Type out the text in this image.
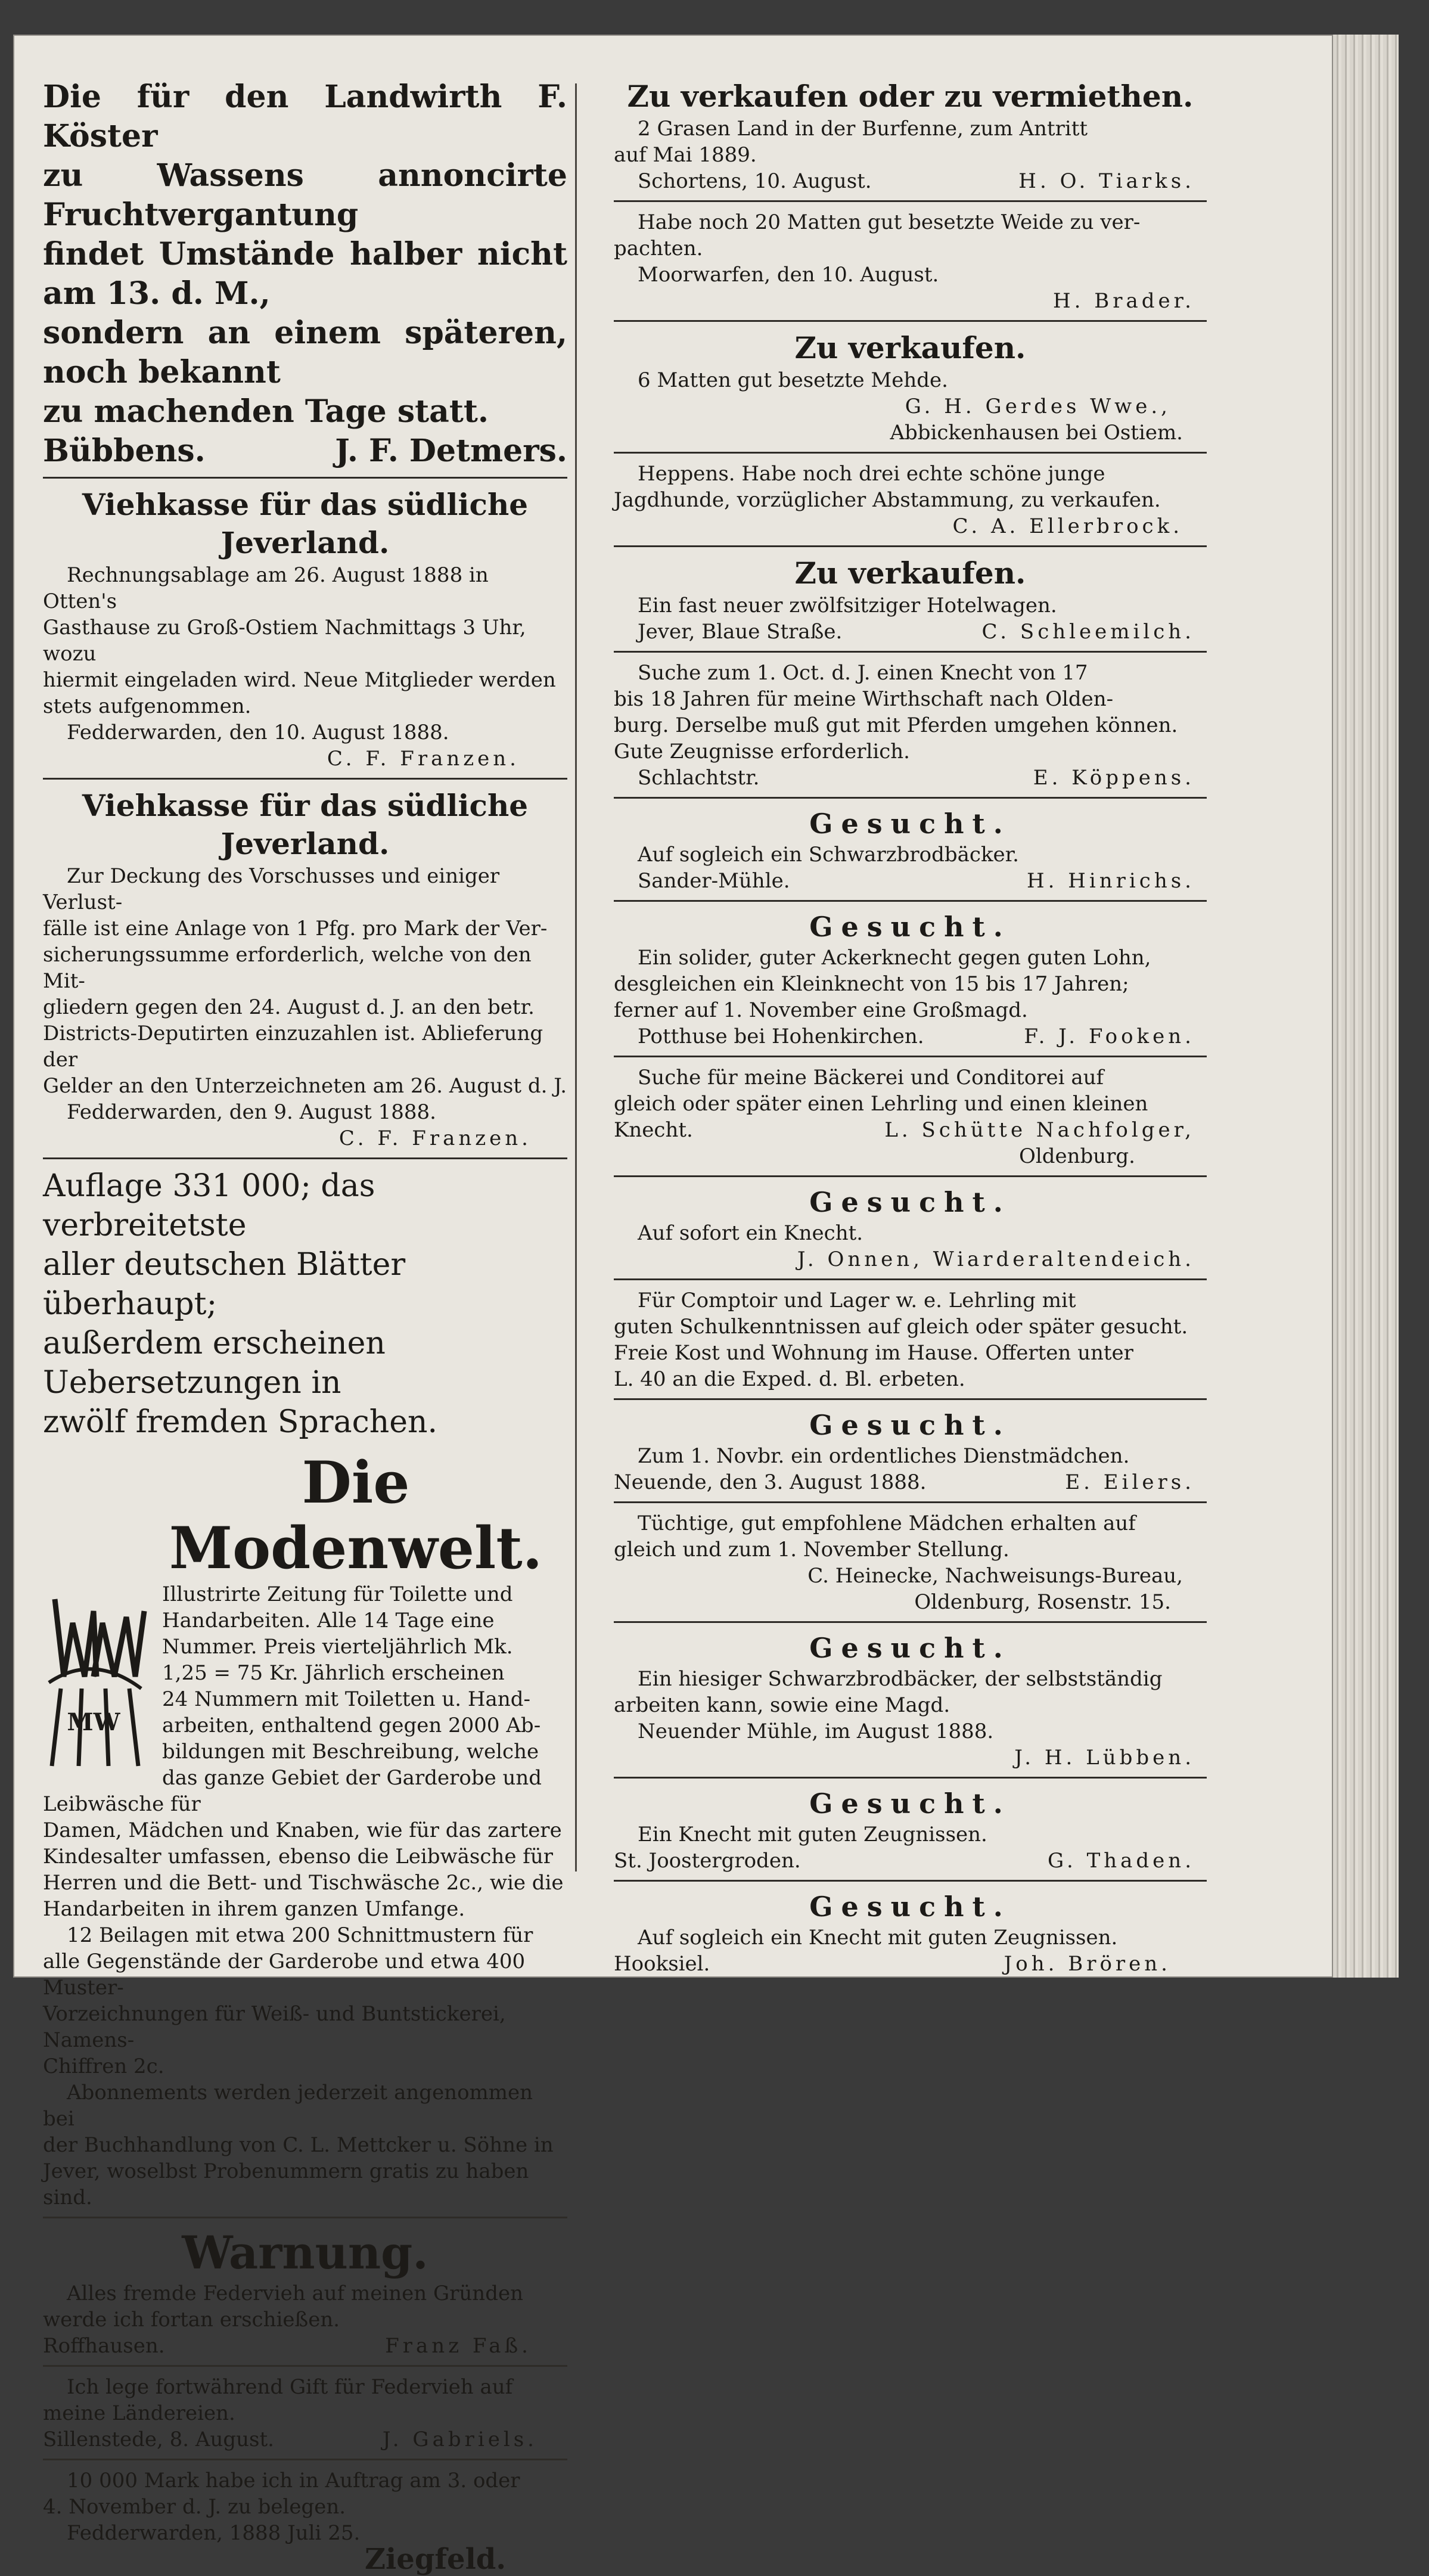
Die für den Landwirth F. Köster

zu Wassens annoncirte Fruchtvergantung

findet Umstände halber nicht am 13. d. M.,

sondern an einem späteren, noch bekannt

zu machenden Tage statt.

Bübbens.	J. F. Detmers.

Viehkasse für das südliche Jeverland.

Rechnungsablage am 26. August 1888 in Otten's

Gasthause zu Groß-Ostiem Nachmittags 3 Uhr, wozu

hiermit eingeladen wird. Neue Mitglieder werden

stets aufgenommen.

Fedderwarden, den 10. August 1888.

C. F. Franzen.

Viehkasse für das südliche Jeverland.

Zur Deckung des Vorschusses und einiger Verlust-

fälle ist eine Anlage von 1 Pfg. pro Mark der Ver-

sicherungssumme erforderlich, welche von den Mit-

gliedern gegen den 24. August d. J. an den betr.

Districts-Deputirten einzuzahlen ist. Ablieferung der

Gelder an den Unterzeichneten am 26. August d. J.

Fedderwarden, den 9. August 1888.

C. F. Franzen.

Auflage 331 000; das verbreitetste

aller deutschen Blätter überhaupt;

außerdem erscheinen Uebersetzungen in

zwölf fremden Sprachen.

Die Modenwelt.

MW

Illustrirte Zeitung für Toilette und

Handarbeiten. Alle 14 Tage eine

Nummer. Preis vierteljährlich Mk.

1,25 = 75 Kr. Jährlich erscheinen

24 Nummern mit Toiletten u. Hand-

arbeiten, enthaltend gegen 2000 Ab-

bildungen mit Beschreibung, welche

das ganze Gebiet der Garderobe und Leibwäsche für

Damen, Mädchen und Knaben, wie für das zartere

Kindesalter umfassen, ebenso die Leibwäsche für

Herren und die Bett- und Tischwäsche 2c., wie die

Handarbeiten in ihrem ganzen Umfange.

12 Beilagen mit etwa 200 Schnittmustern für

alle Gegenstände der Garderobe und etwa 400 Muster-

Vorzeichnungen für Weiß- und Buntstickerei, Namens-

Chiffren 2c.

Abonnements werden jederzeit angenommen bei

der Buchhandlung von C. L. Mettcker u. Söhne in

Jever, woselbst Probenummern gratis zu haben sind.

Warnung.

Alles fremde Federvieh auf meinen Gründen

werde ich fortan erschießen.

Roffhausen.	Franz Faß.

Ich lege fortwährend Gift für Federvieh auf

meine Ländereien.

Sillenstede, 8. August.	J. Gabriels.

10 000 Mark habe ich in Auftrag am 3. oder

4. November d. J. zu belegen.

Fedderwarden, 1888 Juli 25.

Ziegfeld.

Zu verkaufen oder zu vermiethen.

2 Grasen Land in der Burfenne, zum Antritt

auf Mai 1889.

Schortens, 10. August.	H. O. Tiarks.

Habe noch 20 Matten gut besetzte Weide zu ver-

pachten.

Moorwarfen, den 10. August.

H. Brader.

Zu verkaufen.

6 Matten gut besetzte Mehde.

G. H. Gerdes Wwe.,

Abbickenhausen bei Ostiem.

Heppens. Habe noch drei echte schöne junge

Jagdhunde, vorzüglicher Abstammung, zu verkaufen.

C. A. Ellerbrock.

Zu verkaufen.

Ein fast neuer zwölfsitziger Hotelwagen.

Jever, Blaue Straße.	C. Schleemilch.

Suche zum 1. Oct. d. J. einen Knecht von 17

bis 18 Jahren für meine Wirthschaft nach Olden-

burg. Derselbe muß gut mit Pferden umgehen können.

Gute Zeugnisse erforderlich.

Schlachtstr.	E. Köppens.

Gesucht.

Auf sogleich ein Schwarzbrodbäcker.

Sander-Mühle.	H. Hinrichs.

Gesucht.

Ein solider, guter Ackerknecht gegen guten Lohn,

desgleichen ein Kleinknecht von 15 bis 17 Jahren;

ferner auf 1. November eine Großmagd.

Potthuse bei Hohenkirchen.	F. J. Fooken.

Suche für meine Bäckerei und Conditorei auf

gleich oder später einen Lehrling und einen kleinen

Knecht.	L. Schütte Nachfolger,

Oldenburg.

Gesucht.

Auf sofort ein Knecht.

J. Onnen, Wiarderaltendeich.

Für Comptoir und Lager w. e. Lehrling mit

guten Schulkenntnissen auf gleich oder später gesucht.

Freie Kost und Wohnung im Hause. Offerten unter

L. 40 an die Exped. d. Bl. erbeten.

Gesucht.

Zum 1. Novbr. ein ordentliches Dienstmädchen.

Neuende, den 3. August 1888.	E. Eilers.

Tüchtige, gut empfohlene Mädchen erhalten auf

gleich und zum 1. November Stellung.

C. Heinecke, Nachweisungs-Bureau,

Oldenburg, Rosenstr. 15.

Gesucht.

Ein hiesiger Schwarzbrodbäcker, der selbstständig

arbeiten kann, sowie eine Magd.

Neuender Mühle, im August 1888.

J. H. Lübben.

Gesucht.

Ein Knecht mit guten Zeugnissen.

St. Joostergroden.	G. Thaden.

Gesucht.

Auf sogleich ein Knecht mit guten Zeugnissen.

Hooksiel.	Joh. Brören.
